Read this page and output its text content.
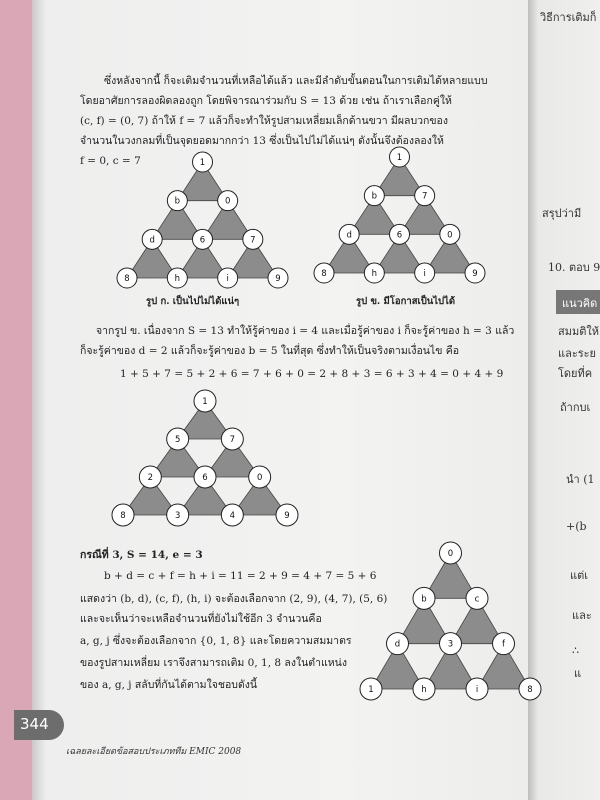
วิธีการเติมก็
สรุปว่ามี
10. ตอบ 9
แนวคิด
สมมติให้
และระย
โดยที่ค
ถ้ากบเ
นำ (1
+(b
แต่เ
และ
∴
แ
ซึ่งหลังจากนี้ ก็จะเติมจำนวนที่เหลือได้แล้ว และมีลำดับขั้นตอนในการเติมได้หลายแบบ
โดยอาศัยการลองผิดลองถูก โดยพิจารณาร่วมกับ S = 13 ด้วย เช่น ถ้าเราเลือกคู่ให้
(c, f) = (0, 7) ถ้าให้ f = 7 แล้วก็จะทำให้รูปสามเหลี่ยมเล็กด้านขวา มีผลบวกของ
จำนวนในวงกลมที่เป็นจุดยอดมากกว่า 13 ซึ่งเป็นไปไม่ได้แน่ๆ ดังนั้นจึงต้องลองให้
f = 0, c = 7	1
b	0
d	6	7
8	h	i	9
รูป ก. เป็นไปไม่ได้แน่ๆ
1
b	7
d	6	0
8	h	i	9
รูป ข. มีโอกาสเป็นไปได้
จากรูป ข. เนื่องจาก S = 13 ทำให้รู้ค่าของ i = 4 และเมื่อรู้ค่าของ i ก็จะรู้ค่าของ h = 3 แล้ว
ก็จะรู้ค่าของ d = 2 แล้วก็จะรู้ค่าของ b = 5 ในที่สุด ซึ่งทำให้เป็นจริงตามเงื่อนไข คือ
1 + 5 + 7 = 5 + 2 + 6 = 7 + 6 + 0 = 2 + 8 + 3 = 6 + 3 + 4 = 0 + 4 + 9
1
5	7
2	6	0
8	3	4	9
กรณีที่ 3, S = 14, e = 3
b + d = c + f = h + i = 11 = 2 + 9 = 4 + 7 = 5 + 6
แสดงว่า (b, d), (c, f), (h, i) จะต้องเลือกจาก (2, 9), (4, 7), (5, 6)
และจะเห็นว่าจะเหลือจำนวนที่ยังไม่ใช้อีก 3 จำนวนคือ
a, g, j ซึ่งจะต้องเลือกจาก {0, 1, 8} และโดยความสมมาตร
ของรูปสามเหลี่ยม เราจึงสามารถเติม 0, 1, 8 ลงในตำแหน่ง
ของ a, g, j สลับที่กันได้ตามใจชอบดังนี้
0
b	c
d	3	f
1	h	i	8
344
เฉลยละเอียดข้อสอบประเภททีม EMIC 2008
